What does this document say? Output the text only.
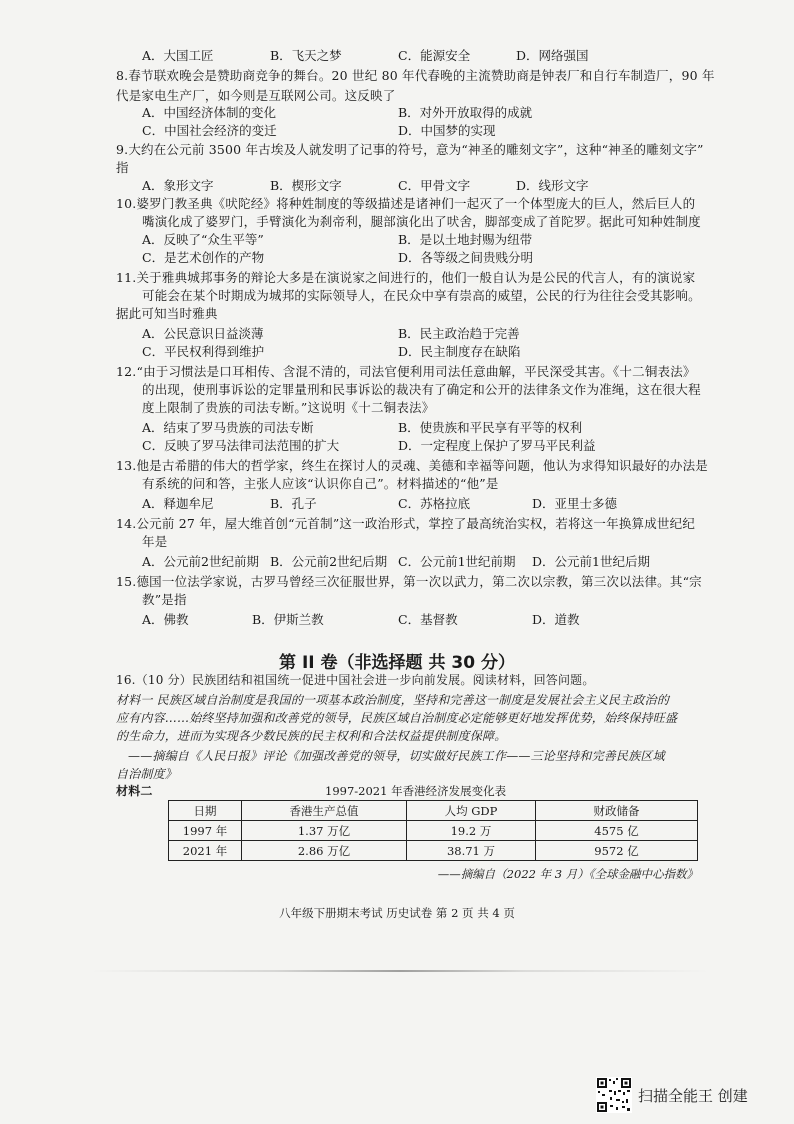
A．大国工匠	B．飞天之梦	C．能源安全	D．网络强国
8.春节联欢晚会是赞助商竞争的舞台。20 世纪 80 年代春晚的主流赞助商是钟表厂和自行车制造厂，90 年
代是家电生产厂，如今则是互联网公司。这反映了
A．中国经济体制的变化	B．对外开放取得的成就
C．中国社会经济的变迁	D．中国梦的实现
9.大约在公元前 3500 年古埃及人就发明了记事的符号，意为“神圣的雕刻文字”，这种“神圣的雕刻文字”
指
A．象形文字	B．楔形文字	C．甲骨文字	D．线形文字
10.婆罗门教圣典《吠陀经》将种姓制度的等级描述是诸神们一起灭了一个体型庞大的巨人，然后巨人的
嘴演化成了婆罗门，手臂演化为刹帝利，腿部演化出了吠舍，脚部变成了首陀罗。据此可知种姓制度
A．反映了“众生平等”	B．是以土地封赐为纽带
C．是艺术创作的产物	D．各等级之间贵贱分明
11.关于雅典城邦事务的辩论大多是在演说家之间进行的，他们一般自认为是公民的代言人，有的演说家
可能会在某个时期成为城邦的实际领导人，在民众中享有崇高的威望，公民的行为往往会受其影响。
据此可知当时雅典
A．公民意识日益淡薄	B．民主政治趋于完善
C．平民权利得到维护	D．民主制度存在缺陷
12.“由于习惯法是口耳相传、含混不清的，司法官便利用司法任意曲解，平民深受其害。《十二铜表法》
的出现，使刑事诉讼的定罪量刑和民事诉讼的裁决有了确定和公开的法律条文作为准绳，这在很大程
度上限制了贵族的司法专断。”这说明《十二铜表法》
A．结束了罗马贵族的司法专断	B．使贵族和平民享有平等的权利
C．反映了罗马法律司法范围的扩大	D．一定程度上保护了罗马平民利益
13.他是古希腊的伟大的哲学家，终生在探讨人的灵魂、美德和幸福等问题，他认为求得知识最好的办法是
有系统的问和答，主张人应该“认识你自己”。材料描述的“他”是
A．释迦牟尼	B．孔子	C．苏格拉底	D．亚里士多德
14.公元前 27 年，屋大维首创“元首制”这一政治形式，掌控了最高统治实权，若将这一年换算成世纪纪
年是
A．公元前2世纪前期 B．公元前2世纪后期 C．公元前1世纪前期 D．公元前1世纪后期
15.德国一位法学家说，古罗马曾经三次征服世界，第一次以武力，第二次以宗教，第三次以法律。其“宗
教”是指
A．佛教	B．伊斯兰教	C．基督教	D．道教
第 II 卷（非选择题 共 30 分）
16.（10 分）民族团结和祖国统一促进中国社会进一步向前发展。阅读材料，回答问题。
材料一 民族区域自治制度是我国的一项基本政治制度，坚持和完善这一制度是发展社会主义民主政治的
应有内容……始终坚持加强和改善党的领导，民族区域自治制度必定能够更好地发挥优势，始终保持旺盛
的生命力，进而为实现各少数民族的民主权利和合法权益提供制度保障。
——摘编自《人民日报》评论《加强改善党的领导，切实做好民族工作——三论坚持和完善民族区域
自治制度》
材料二	1997-2021 年香港经济发展变化表
日期	香港生产总值	人均 GDP	财政储备
1997 年	1.37 万亿	19.2 万	4575 亿
2021 年	2.86 万亿	38.71 万	9572 亿
——摘编自（2022 年 3 月）《全球金融中心指数》
八年级下册期末考试 历史试卷 第 2 页 共 4 页
扫描全能王 创建
